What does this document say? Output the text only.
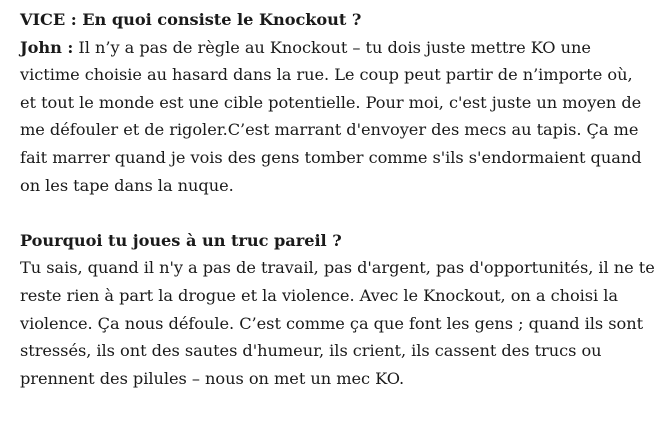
VICE : En quoi consiste le Knockout ?
John : Il n’y a pas de règle au Knockout – tu dois juste mettre KO une
victime choisie au hasard dans la rue. Le coup peut partir de n’importe où,
et tout le monde est une cible potentielle. Pour moi, c'est juste un moyen de
me défouler et de rigoler.C’est marrant d'envoyer des mecs au tapis. Ça me
fait marrer quand je vois des gens tomber comme s'ils s'endormaient quand
on les tape dans la nuque.
Pourquoi tu joues à un truc pareil ?
Tu sais, quand il n'y a pas de travail, pas d'argent, pas d'opportunités, il ne te
reste rien à part la drogue et la violence. Avec le Knockout, on a choisi la
violence. Ça nous défoule. C’est comme ça que font les gens ; quand ils sont
stressés, ils ont des sautes d'humeur, ils crient, ils cassent des trucs ou
prennent des pilules – nous on met un mec KO.
